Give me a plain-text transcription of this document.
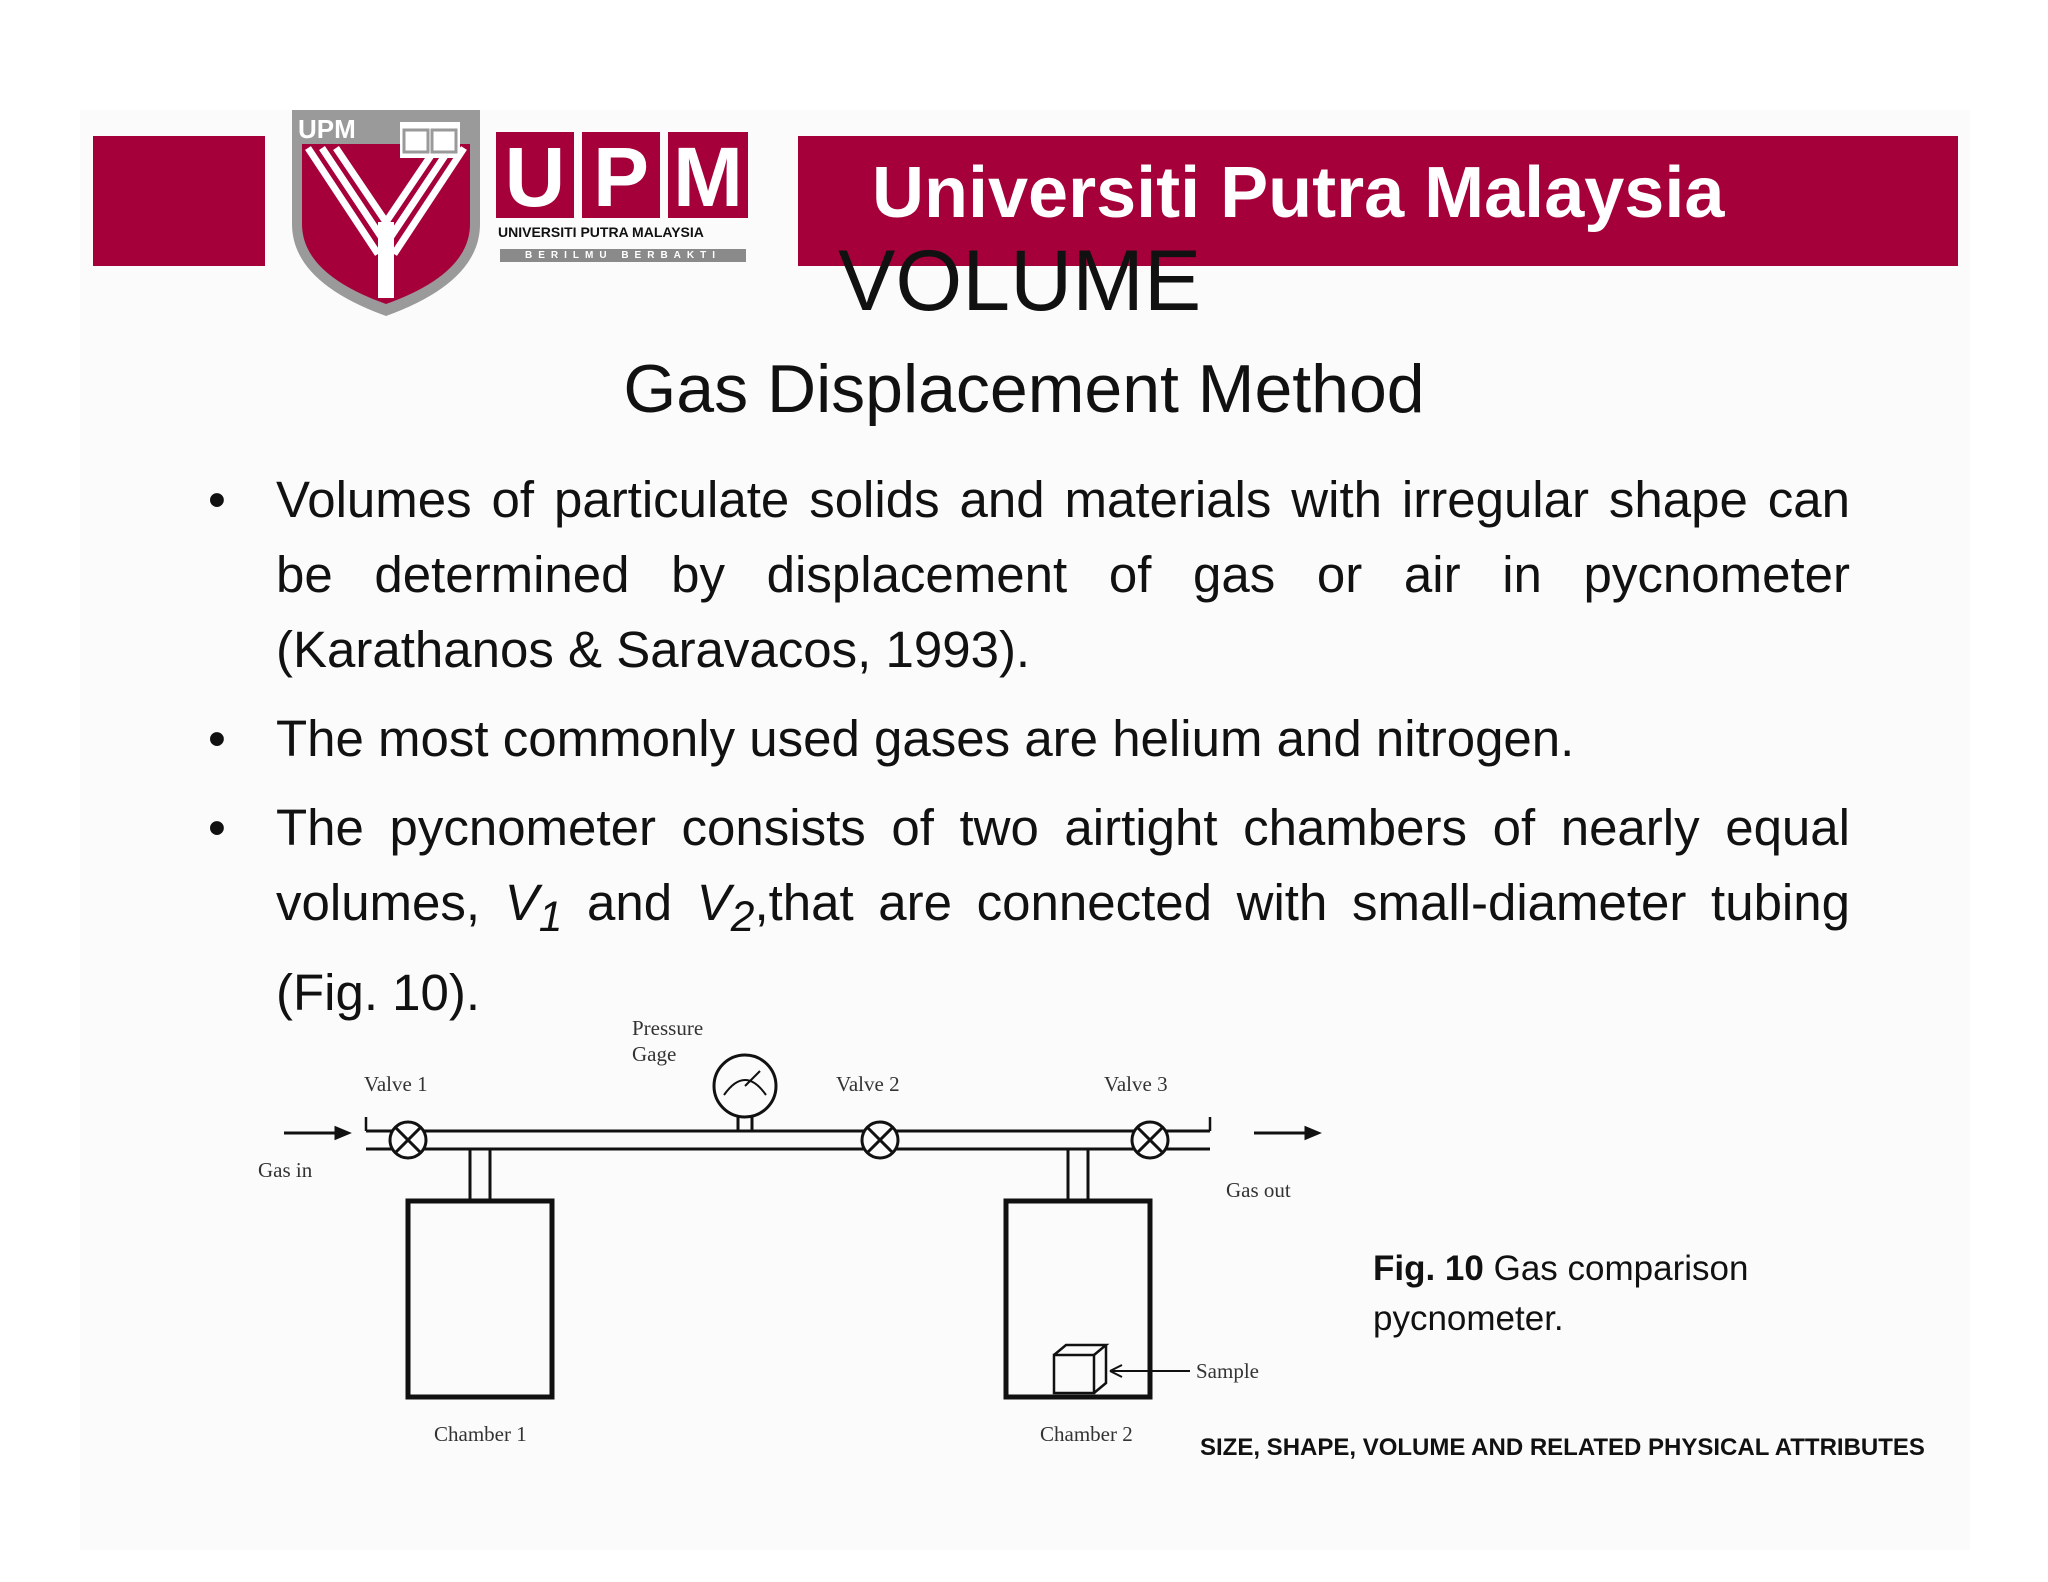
Universiti Putra Malaysia
UPM
U P M
UNIVERSITI PUTRA MALAYSIA
BERILMU BERBAKTI VOLUME
Gas Displacement Method
• Volumes of particulate solids and materials with irregular shape can be determined by displacement of gas or air in pycnometer (Karathanos & Saravacos, 1993).
• The most commonly used gases are helium and nitrogen.
• The pycnometer consists of two airtight chambers of nearly equal volumes, $V_1$ and $V_2,that$ are connected with small-diameter tubing (Fig. 10).
Pressure
Gage
Valve 1	Valve 2	Valve 3
Gas in
Gas out
Sample
Chamber 1	Chamber 2
Fig. 10 Gas comparison pycnometer.
SIZE, SHAPE, VOLUME AND RELATED PHYSICAL ATTRIBUTES
